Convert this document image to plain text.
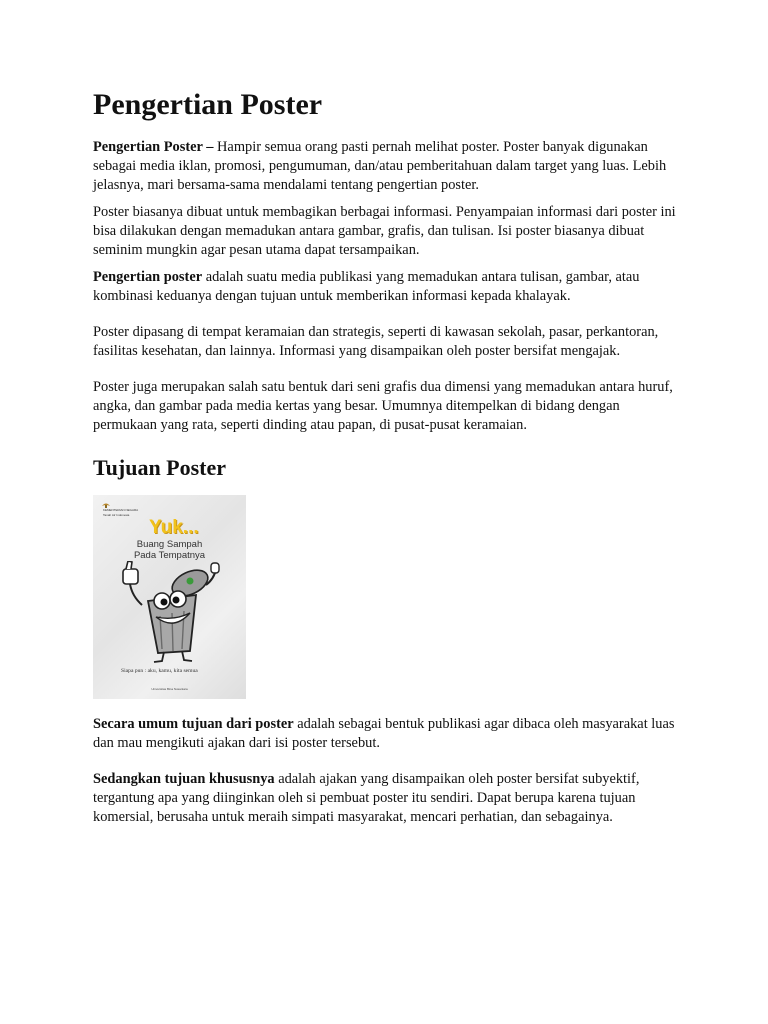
Pengertian Poster

Pengertian Poster – Hampir semua orang pasti pernah melihat poster. Poster banyak digunakan sebagai media iklan, promosi, pengumuman, dan/atau pemberitahuan dalam target yang luas. Lebih jelasnya, mari bersama-sama mendalami tentang pengertian poster.

Poster biasanya dibuat untuk membagikan berbagai informasi. Penyampaian informasi dari poster ini bisa dilakukan dengan memadukan antara gambar, grafis, dan tulisan. Isi poster biasanya dibuat seminim mungkin agar pesan utama dapat tersampaikan.

Pengertian poster adalah suatu media publikasi yang memadukan antara tulisan, gambar, atau kombinasi keduanya dengan tujuan untuk memberikan informasi kepada khalayak.

Poster dipasang di tempat keramaian dan strategis, seperti di kawasan sekolah, pasar, perkantoran, fasilitas kesehatan, dan lainnya. Informasi yang disampaikan oleh poster bersifat mengajak.

Poster juga merupakan salah satu bentuk dari seni grafis dua dimensi yang memadukan antara huruf, angka, dan gambar pada media kertas yang besar. Umumnya ditempelkan di bidang dengan permukaan yang rata, seperti dinding atau papan, di pusat-pusat keramaian.

Tujuan Poster
KEMENTERIAN NEGARA
Tanah Air Indonesia
Yuk...
Buang Sampah
Pada Tempatnya
Siapa pun : aku, kamu, kita semua
Universitas Bina Nusantara

Secara umum tujuan dari poster adalah sebagai bentuk publikasi agar dibaca oleh masyarakat luas dan mau mengikuti ajakan dari isi poster tersebut.

Sedangkan tujuan khususnya adalah ajakan yang disampaikan oleh poster bersifat subyektif, tergantung apa yang diinginkan oleh si pembuat poster itu sendiri. Dapat berupa karena tujuan komersial, berusaha untuk meraih simpati masyarakat, mencari perhatian, dan sebagainya.
